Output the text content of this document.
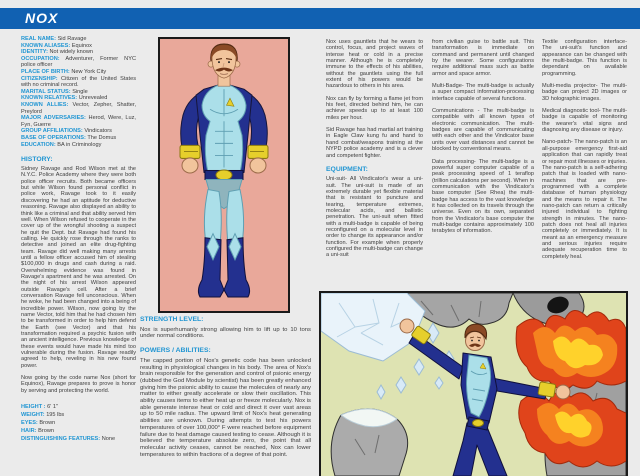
NOX
REAL NAME: Sid Ravage
KNOWN ALIASES: Equinox
IDENTITY: Not widely known
OCCUPATION: Adventurer, Former NYC police officer
PLACE OF BIRTH: New York City
CITIZENSHIP: Citizen of the United States with no criminal record.
MARITAL STATUS: Single
KNOWN RELATIVES: Unrevealed
KNOWN ALLIES: Vector, Zepher, Shatter, Preylord
MAJOR ADVERSARIES: Herod, Were, Luz, Fyn, Guerre
GROUP AFFILIATIONS: Vindicators
BASE OF OPERATIONS: The Domus
EDUCATION: BA in Criminology
HISTORY:

Sidney Ravage and Rod Wilson met at the N.Y.C. Police Academy where they were both police officer recruits. Both became officers but while Wilson found personal conflict in police work, Ravage took to it easily discovering he had an aptitude for deductive reasoning. Ravage also displayed an ability to think like a criminal and that ability served him well. When Wilson refused to cooperate in the cover up of the wrongful shooting a suspect he quit the Dept. but Ravage had found his calling. He quickly rose through the ranks to detective and joined an elite drug-fighting team. Ravage did well making many arrests until a fellow officer accused him of stealing $100,000 in drugs and cash during a raid. Overwhelming evidence was found in Ravage's apartment and he was arrested. On the night of his arrest Wilson appeared outside Ravage's cell. After a brief conversation Ravage fell unconscious. When he woke, he had been changed into a being of incredible power. Wilson, now going by the name Vector, told him that he had chosen him to be transformed in order to help him defend the Earth (see Vector) and that his transformation required a psychic fusion with an ancient intelligence. Previous knowledge of these events would have made his mind too vulnerable during the fusion. Ravage readily agreed to help, reveling in his new found power.

Now going by the code name Nox (short for Equinox), Ravage prepares to prove is honor by serving and protecting the world.

HEIGHT : 6' 1"
WEIGHT: 195 lbs
EYES: Brown
HAIR: Brown
DISTINGUISHING FEATURES: None
STRENGTH LEVEL:

Nox is superhumanly strong allowing him to lift up to 10 tons under normal conditions.

POWERS / ABILITIES:

The capped portion of Nox's genetic code has been unlocked resulting in physiological changes in his body. The area of Nox's brain responsible for the generation and control of psionic energy (dubbed the God Module by scientist) has been greatly enhanced giving him the psionic ability to cause the molecules of nearly any matter to either greatly accelerate or slow their oscillation. This ability causes items to either heat up or freeze molecularly. Nox is able generate intense heat or cold and direct it over vast areas up to 50 mile radius. The upward limit of Nox's heat generating abilities are unknown. During attempts to test his powers temperatures of over 100,000° F were reached before equipment failure due to heat damage caused testing to cease. Although it is believed the temperature absolute zero, the point that all molecular activity ceases, cannot be reached, Nox can lower temperatures to within fractions of a degree of that point.

Nox uses gauntlets that he wears to control, focus, and project waves of intense heat or cold in a precise manner. Although he is completely immune to the effects of his abilities, without the gauntlets using the full extent of his powers would be hazardous to others in his area.

Nox can fly by forming a flame jet from his feet, directed behind him, he can achieve speeds up to at least 100 miles per hour.

Sid Ravage has had martial art training in Eagle Claw kung fu and hand to hand combat/weapons training at the NYPD police academy and is a clever and competent fighter.

EQUIPMENT:

Uni-suit- All Vindicator's wear a uni-suit. The uni-suit is made of an extremely durable yet flexible material that is resistant to puncture and tearing, temperature extremes, molecular acids, and ballistic penetration. The uni-suit when fitted with a multi-badge is capable of being reconfigured on a molecular level in order to change its appearance and/or function. For example when properly configured the multi-badge can change a uni-suit

from civilian guise to battle suit. This transformation is immediate on command and permanent until changed by the wearer. Some configurations require additional mass such as battle armor and space armor.

Multi-Badge- The multi-badge is actually a super compact information-processing interface capable of several functions.

Communications - The multi-badge is compatible with all known types of electronic communication. The multi-badges are capable of communicating with each other and the Vindicator base units over vast distances and cannot be blocked by conventional means.

Data processing- The multi-badge is a powerful super computer capable of a peak processing speed of 1 teraflop (trillion calculations per second). When in communication with the Vindicator's base computer (See Rhea) the multi-badge has access to the vast knowledge it has collected on its travels through the universe. Even on its own, separated from the Vindicator's base computer the multi-badge contains approximately 100 terabytes of information.

Textile configuration interface- The uni-suit's function and appearance can be changed with the multi-badge. This function is dependant on available programming.

Multi-media projector- The multi-badge can project 2D images or 3D holographic images.

Medical diagnostic tool- The multi-badge is capable of monitoring the wearer's vital signs and diagnosing any disease or injury.

Nano-patch- The nano-patch is an all-purpose emergency first-aid application that can rapidly treat or repair most illnesses or injuries. The nano-patch is a self-adhering patch that is loaded with nano-machines that are pre-programmed with a complete database of human physiology and the means to repair it. The nano-patch can return a critically injured individual to fighting strength in minutes. The nano-patch does not heal all injuries completely or immediately. It is meant as an emergency measure and serious injuries require adequate recuperation time to completely heal.
